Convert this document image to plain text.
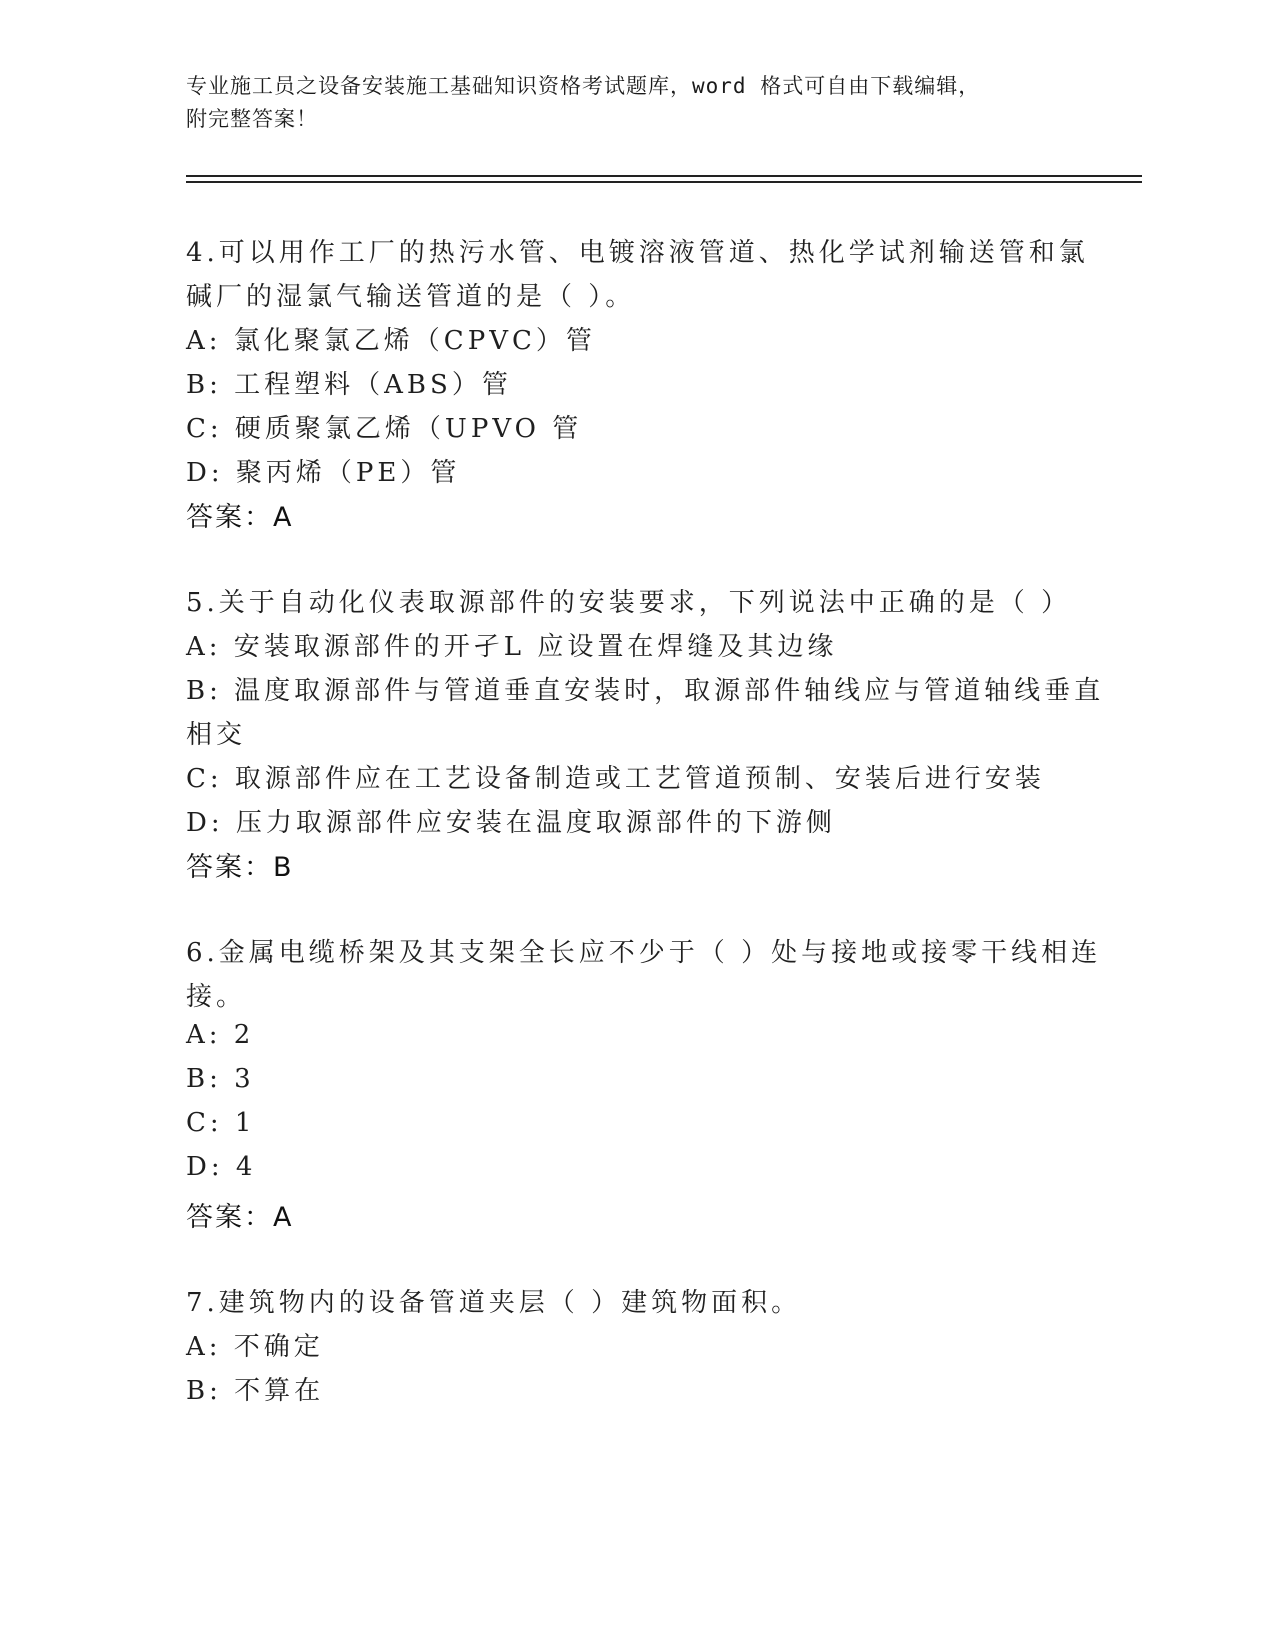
专业施工员之设备安装施工基础知识资格考试题库，word 格式可自由下载编辑，
附完整答案！
4.可以用作工厂的热污水管、电镀溶液管道、热化学试剂输送管和氯
碱厂的湿氯气输送管道的是（ ）。
A: 氯化聚氯乙烯（CPVC）管
B: 工程塑料（ABS）管
C: 硬质聚氯乙烯（UPVO 管
D: 聚丙烯（PE）管
答案：A
5.关于自动化仪表取源部件的安装要求，下列说法中正确的是（ ）
A: 安装取源部件的开孑L 应设置在焊缝及其边缘
B: 温度取源部件与管道垂直安装时，取源部件轴线应与管道轴线垂直
相交
C: 取源部件应在工艺设备制造或工艺管道预制、安装后进行安装
D: 压力取源部件应安装在温度取源部件的下游侧
答案：B
6.金属电缆桥架及其支架全长应不少于（ ）处与接地或接零干线相连
接。
A: 2
B: 3
C: 1
D: 4
答案：A
7.建筑物内的设备管道夹层（ ）建筑物面积。
A: 不确定
B: 不算在
